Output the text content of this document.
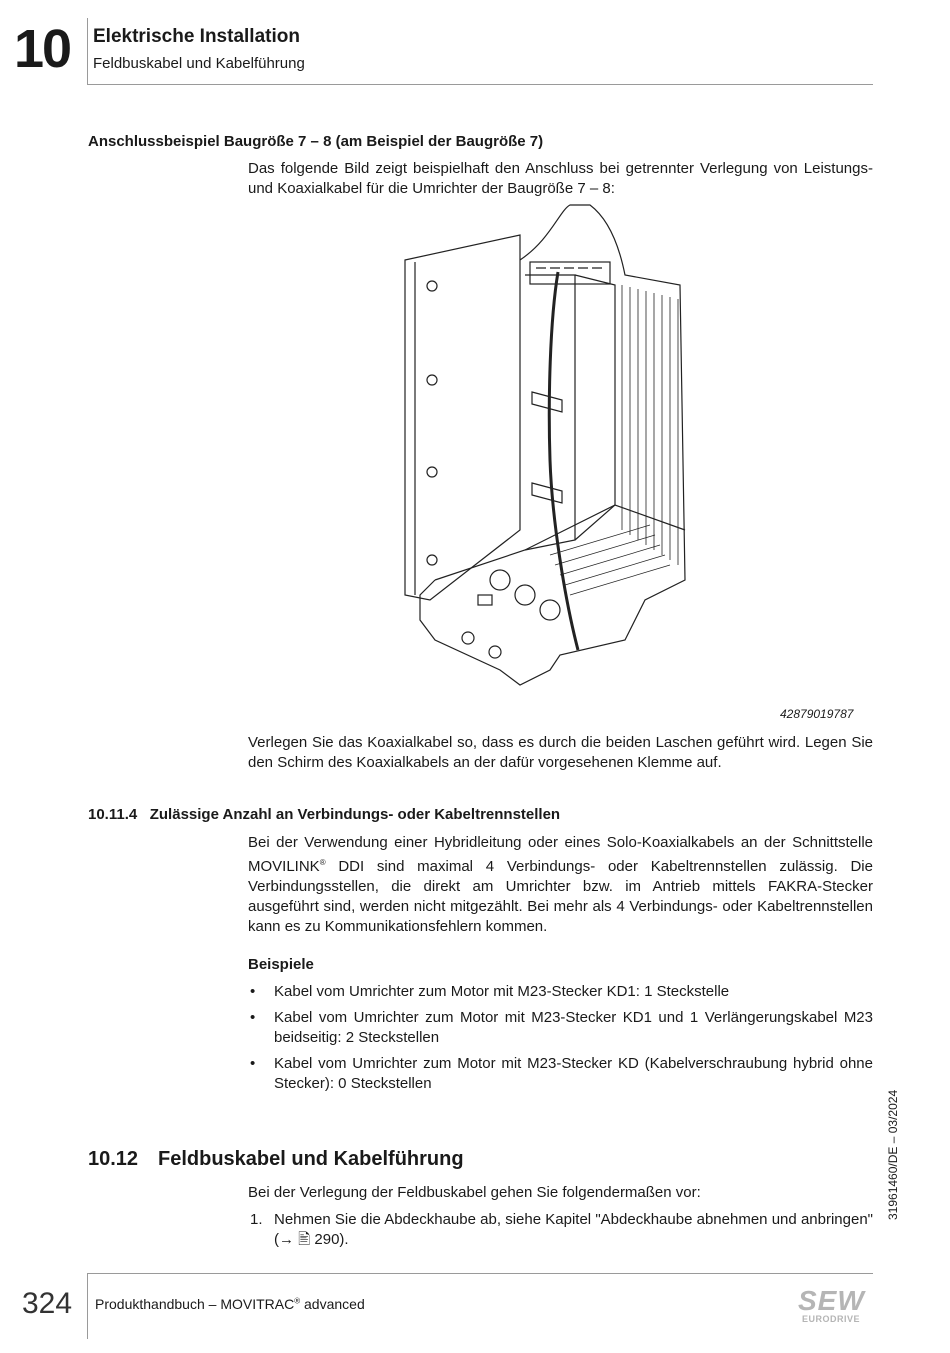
10 Elektrische Installation
Feldbuskabel und Kabelführung
Anschlussbeispiel Baugröße 7 – 8 (am Beispiel der Baugröße 7)

Das folgende Bild zeigt beispielhaft den Anschluss bei getrennter Verlegung von Leistungs- und Koaxialkabel für die Umrichter der Baugröße 7 – 8:

42879019787

Verlegen Sie das Koaxialkabel so, dass es durch die beiden Laschen geführt wird. Legen Sie den Schirm des Koaxialkabels an der dafür vorgesehenen Klemme auf.

10.11.4 Zulässige Anzahl an Verbindungs- oder Kabeltrennstellen

Bei der Verwendung einer Hybridleitung oder eines Solo-Koaxialkabels an der Schnittstelle MOVILINK® DDI sind maximal 4 Verbindungs- oder Kabeltrennstellen zulässig. Die Verbindungsstellen, die direkt am Umrichter bzw. im Antrieb mittels FAKRA-Stecker ausgeführt sind, werden nicht mitgezählt. Bei mehr als 4 Verbindungs- oder Kabeltrennstellen kann es zu Kommunikationsfehlern kommen.

Beispiele
• Kabel vom Umrichter zum Motor mit M23-Stecker KD1: 1 Steckstelle
• Kabel vom Umrichter zum Motor mit M23-Stecker KD1 und 1 Verlängerungskabel M23 beidseitig: 2 Steckstellen
• Kabel vom Umrichter zum Motor mit M23-Stecker KD (Kabelverschraubung hybrid ohne Stecker): 0 Steckstellen
10.12 Feldbuskabel und Kabelführung

Bei der Verlegung der Feldbuskabel gehen Sie folgendermaßen vor:

1. Nehmen Sie die Abdeckhaube ab, siehe Kapitel "Abdeckhaube abnehmen und anbringen" (→ 🖹 290).
31961460/DE – 03/2024
324 Produkthandbuch – MOVITRAC® advanced	SEW
EURODRIVE
